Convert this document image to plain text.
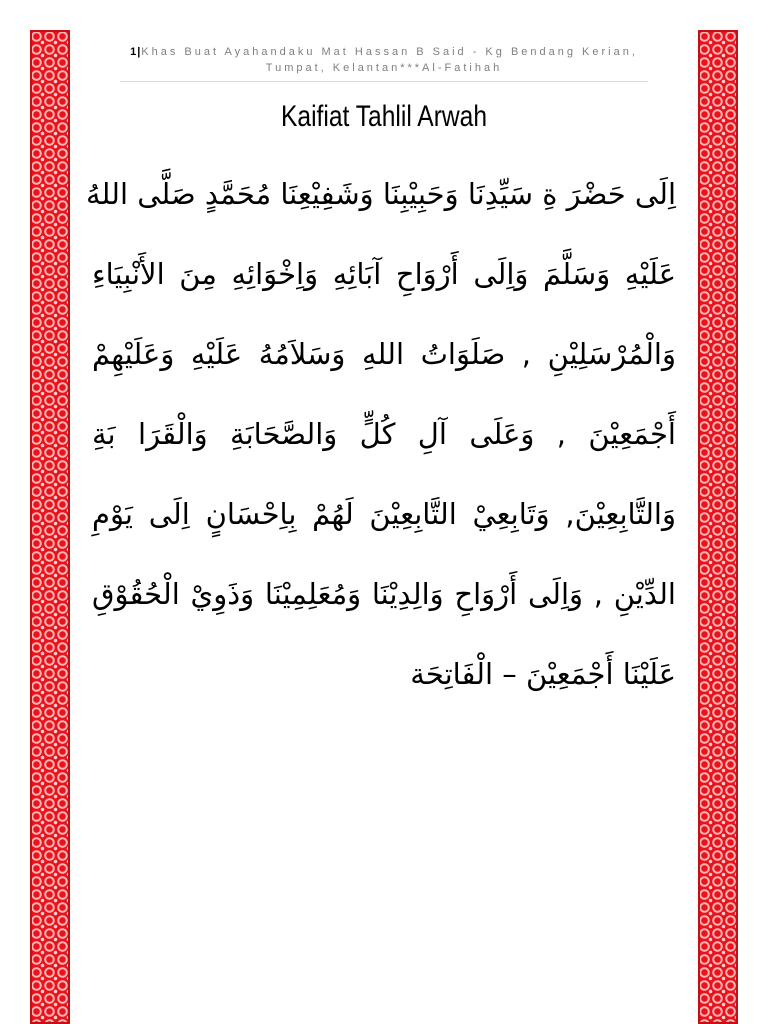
1|Khas Buat Ayahandaku Mat Hassan B Said - Kg Bendang Kerian, Tumpat, Kelantan***Al-Fatihah
Kaifiat Tahlil Arwah
اِلَى حَضْرَ ةِ سَيِّدِنَا وَحَبِيْبِنَا وَشَفِيْعِنَا مُحَمَّدٍ صَلَّى اللهُ
عَلَيْهِ وَسَلَّمَ وَاِلَى أَرْوَاحِ آبَائِهِ وَاِخْوَائِهِ مِنَ الأَنْبِيَاءِ
وَالْمُرْسَلِيْنِ , صَلَوَاتُ اللهِ وَسَلاَمُهُ عَلَيْهِ وَعَلَيْهِمْ
أَجْمَعِيْنَ , وَعَلَى آلِ كُلٍّ وَالصَّحَابَةِ وَالْقَرَا بَةِ
وَالتَّابِعِيْنَ, وَتَابِعِيْ التَّابِعِيْنَ لَهُمْ بِاِحْسَانٍ اِلَى يَوْمِ
الدِّيْنِ , وَاِلَى أَرْوَاحِ وَالِدِيْنَا وَمُعَلِمِيْنَا وَذَوِيْ الْحُقُوْقِ
عَلَيْنَا أَجْمَعِيْنَ – الْفَاتِحَة
